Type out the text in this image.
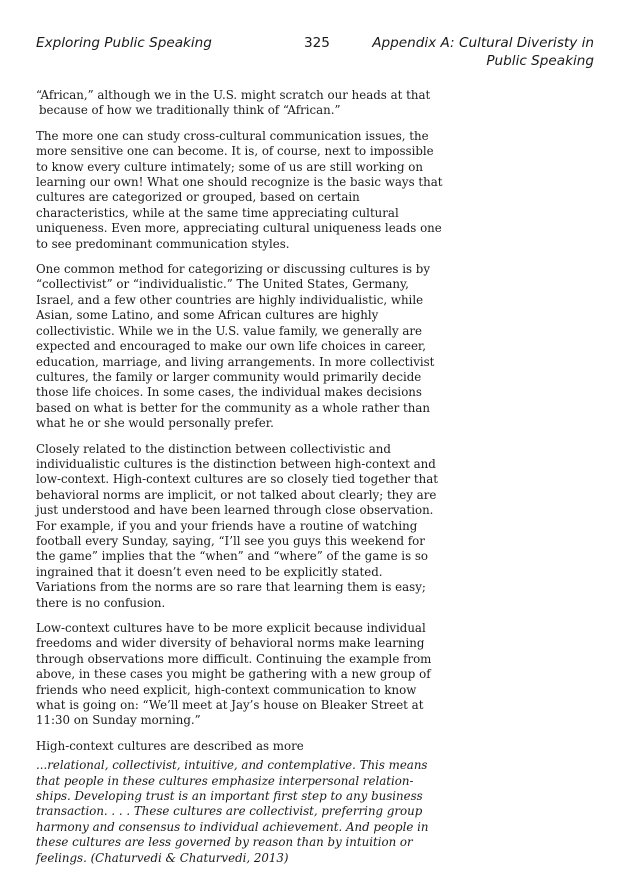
Exploring Public Speaking	325	Appendix A: Cultural Diveristy in
Public Speaking

“African,” although we in the U.S. might scratch our heads at that because of how we traditionally think of “African.”

The more one can study cross-cultural communication issues, the more sensitive one can become. It is, of course, next to impossible to know every culture intimately; some of us are still working on learning our own! What one should recognize is the basic ways that cultures are categorized or grouped, based on certain characteristics, while at the same time appreciating cultural uniqueness. Even more, appreciating cultural uniqueness leads one to see predominant communication styles.

One common method for categorizing or discussing cultures is by “collectivist” or “individualistic.” The United States, Germany, Israel, and a few other countries are highly individualistic, while Asian, some Latino, and some African cultures are highly collectivistic. While we in the U.S. value family, we generally are expected and encouraged to make our own life choices in career, education, marriage, and living arrangements. In more collectivist cultures, the family or larger community would primarily decide those life choices. In some cases, the individual makes decisions based on what is better for the community as a whole rather than what he or she would personally prefer.

Closely related to the distinction between collectivistic and individualistic cultures is the distinction between high-context and low-context. High-context cultures are so closely tied together that behavioral norms are implicit, or not talked about clearly; they are just understood and have been learned through close observation. For example, if you and your friends have a routine of watching football every Sunday, saying, “I’ll see you guys this weekend for the game” implies that the “when” and “where” of the game is so ingrained that it doesn’t even need to be explicitly stated. Variations from the norms are so rare that learning them is easy; there is no confusion.

Low-context cultures have to be more explicit because individual freedoms and wider diversity of behavioral norms make learning through observations more difficult. Continuing the example from above, in these cases you might be gathering with a new group of friends who need explicit, high-context communication to know what is going on: “We’ll meet at Jay’s house on Bleaker Street at 11:30 on Sunday morning.”

High-context cultures are described as more

...relational, collectivist, intuitive, and contemplative. This means that people in these cultures emphasize interpersonal relationships. Developing trust is an important first step to any business transaction. . . . These cultures are collectivist, preferring group harmony and consensus to individual achievement. And people in these cultures are less governed by reason than by intuition or feelings. (Chaturvedi & Chaturvedi, 2013)
